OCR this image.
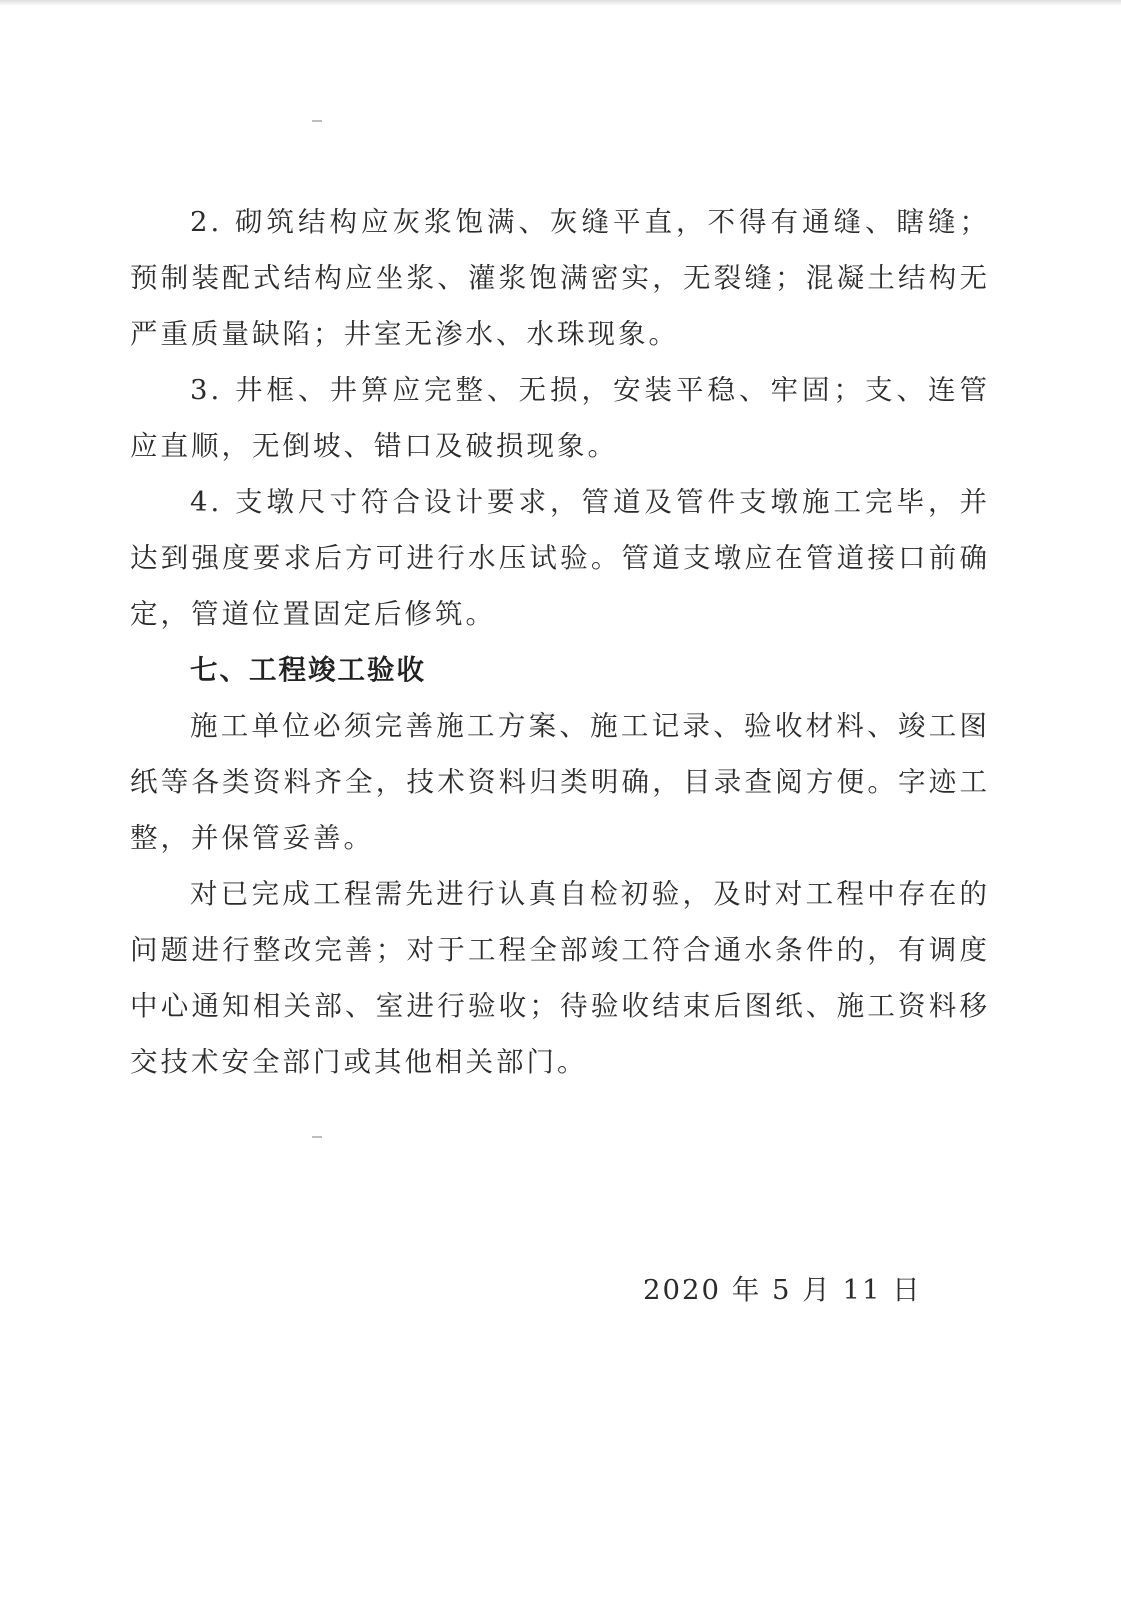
2. 砌筑结构应灰浆饱满、灰缝平直，不得有通缝、瞎缝；预制装配式结构应坐浆、灌浆饱满密实，无裂缝；混凝土结构无严重质量缺陷；井室无渗水、水珠现象。

3. 井框、井箅应完整、无损，安装平稳、牢固；支、连管应直顺，无倒坡、错口及破损现象。

4. 支墩尺寸符合设计要求，管道及管件支墩施工完毕，并达到强度要求后方可进行水压试验。管道支墩应在管道接口前确定，管道位置固定后修筑。

七、工程竣工验收

施工单位必须完善施工方案、施工记录、验收材料、竣工图纸等各类资料齐全，技术资料归类明确，目录查阅方便。字迹工整，并保管妥善。

对已完成工程需先进行认真自检初验，及时对工程中存在的问题进行整改完善；对于工程全部竣工符合通水条件的，有调度中心通知相关部、室进行验收；待验收结束后图纸、施工资料移交技术安全部门或其他相关部门。

2020 年 5 月 11 日
